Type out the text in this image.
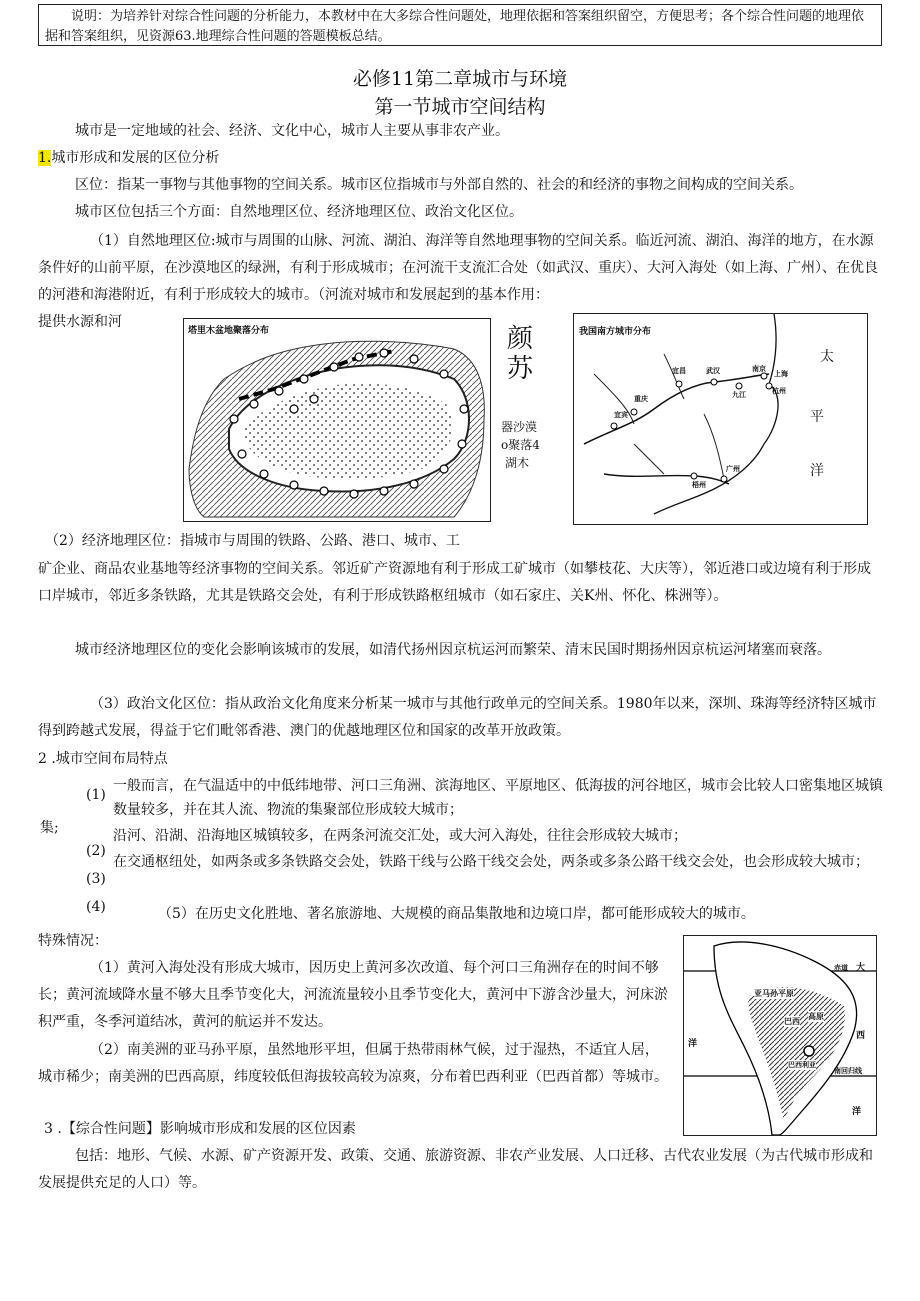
说明：为培养针对综合性问题的分析能力，本教材中在大多综合性问题处，地理依据和答案组织留空，方便思考；各个综合性问题的地理依据和答案组织，见资源63.地理综合性问题的答题模板总结。
必修11第二章城市与环境
第一节城市空间结构
城市是一定地域的社会、经济、文化中心，城市人主要从事非农产业。
1.城市形成和发展的区位分析
区位：指某一事物与其他事物的空间关系。城市区位指城市与外部自然的、社会的和经济的事物之间构成的空间关系。
城市区位包括三个方面：自然地理区位、经济地理区位、政治文化区位。
（1）自然地理区位:城市与周围的山脉、河流、湖泊、海洋等自然地理事物的空间关系。临近河流、湖泊、海洋的地方，在水源条件好的山前平原，在沙漠地区的绿洲，有利于形成城市；在河流干支流汇合处（如武汉、重庆）、大河入海处（如上海、广州）、在优良的河港和海港附近，有利于形成较大的城市。（河流对城市和发展起到的基本作用：
提供水源和河
塔里木盆地聚落分布	颜
苏
器沙漠
o聚落4
湖木
我国南方城市分布
宜昌	武汉
九江
南京
上海
杭州
重庆
宜宾
广州
梧州
太
平
洋
（2）经济地理区位：指城市与周围的铁路、公路、港口、城市、工
矿企业、商品农业基地等经济事物的空间关系。邻近矿产资源地有利于形成工矿城市（如攀枝花、大庆等），邻近港口或边境有利于形成口岸城市，邻近多条铁路，尤其是铁路交会处，有利于形成铁路枢纽城市（如石家庄、关K州、怀化、株洲等）。
城市经济地理区位的变化会影响该城市的发展，如清代扬州因京杭运河而繁荣、清末民国时期扬州因京杭运河堵塞而衰落。
（3）政治文化区位：指从政治文化角度来分析某一城市与其他行政单元的空间关系。1980年以来，深圳、珠海等经济特区城市得到跨越式发展，得益于它们毗邻香港、澳门的优越地理区位和国家的改革开放政策。
2 .城市空间布局特点
(1)
集;
(2)
(3)
(4)
一般而言，在气温适中的中低纬地带、河口三角洲、滨海地区、平原地区、低海拔的河谷地区，城市会比较人口密集地区城镇数量较多，并在其人流、物流的集聚部位形成较大城市；
沿河、沿湖、沿海地区城镇较多，在两条河流交汇处，或大河入海处，往往会形成较大城市；
在交通枢纽处，如两条或多条铁路交会处，铁路干线与公路干线交会处，两条或多条公路干线交会处，也会形成较大城市；
（5）在历史文化胜地、著名旅游地、大规模的商品集散地和边境口岸，都可能形成较大的城市。
特殊情况：
（1）黄河入海处没有形成大城市，因历史上黄河多次改道、每个河口三角洲存在的时间不够长；黄河流域降水量不够大且季节变化大，河流流量较小且季节变化大，黄河中下游含沙量大，河床淤积严重，冬季河道结冰，黄河的航运并不发达。
（2）南美洲的亚马孙平原，虽然地形平坦，但属于热带雨林气候，过于湿热，不适宜人居，城市稀少；南美洲的巴西高原，纬度较低但海拔较高较为凉爽，分布着巴西利亚（巴西首都）等城市。
大
赤道
亚马孙平原
巴西 高原
西
巴西利亚
南回归线
洋
洋
3 .【综合性问题】影响城市形成和发展的区位因素
包括：地形、气候、水源、矿产资源开发、政策、交通、旅游资源、非农产业发展、人口迁移、古代农业发展（为古代城市形成和发展提供充足的人口）等。
